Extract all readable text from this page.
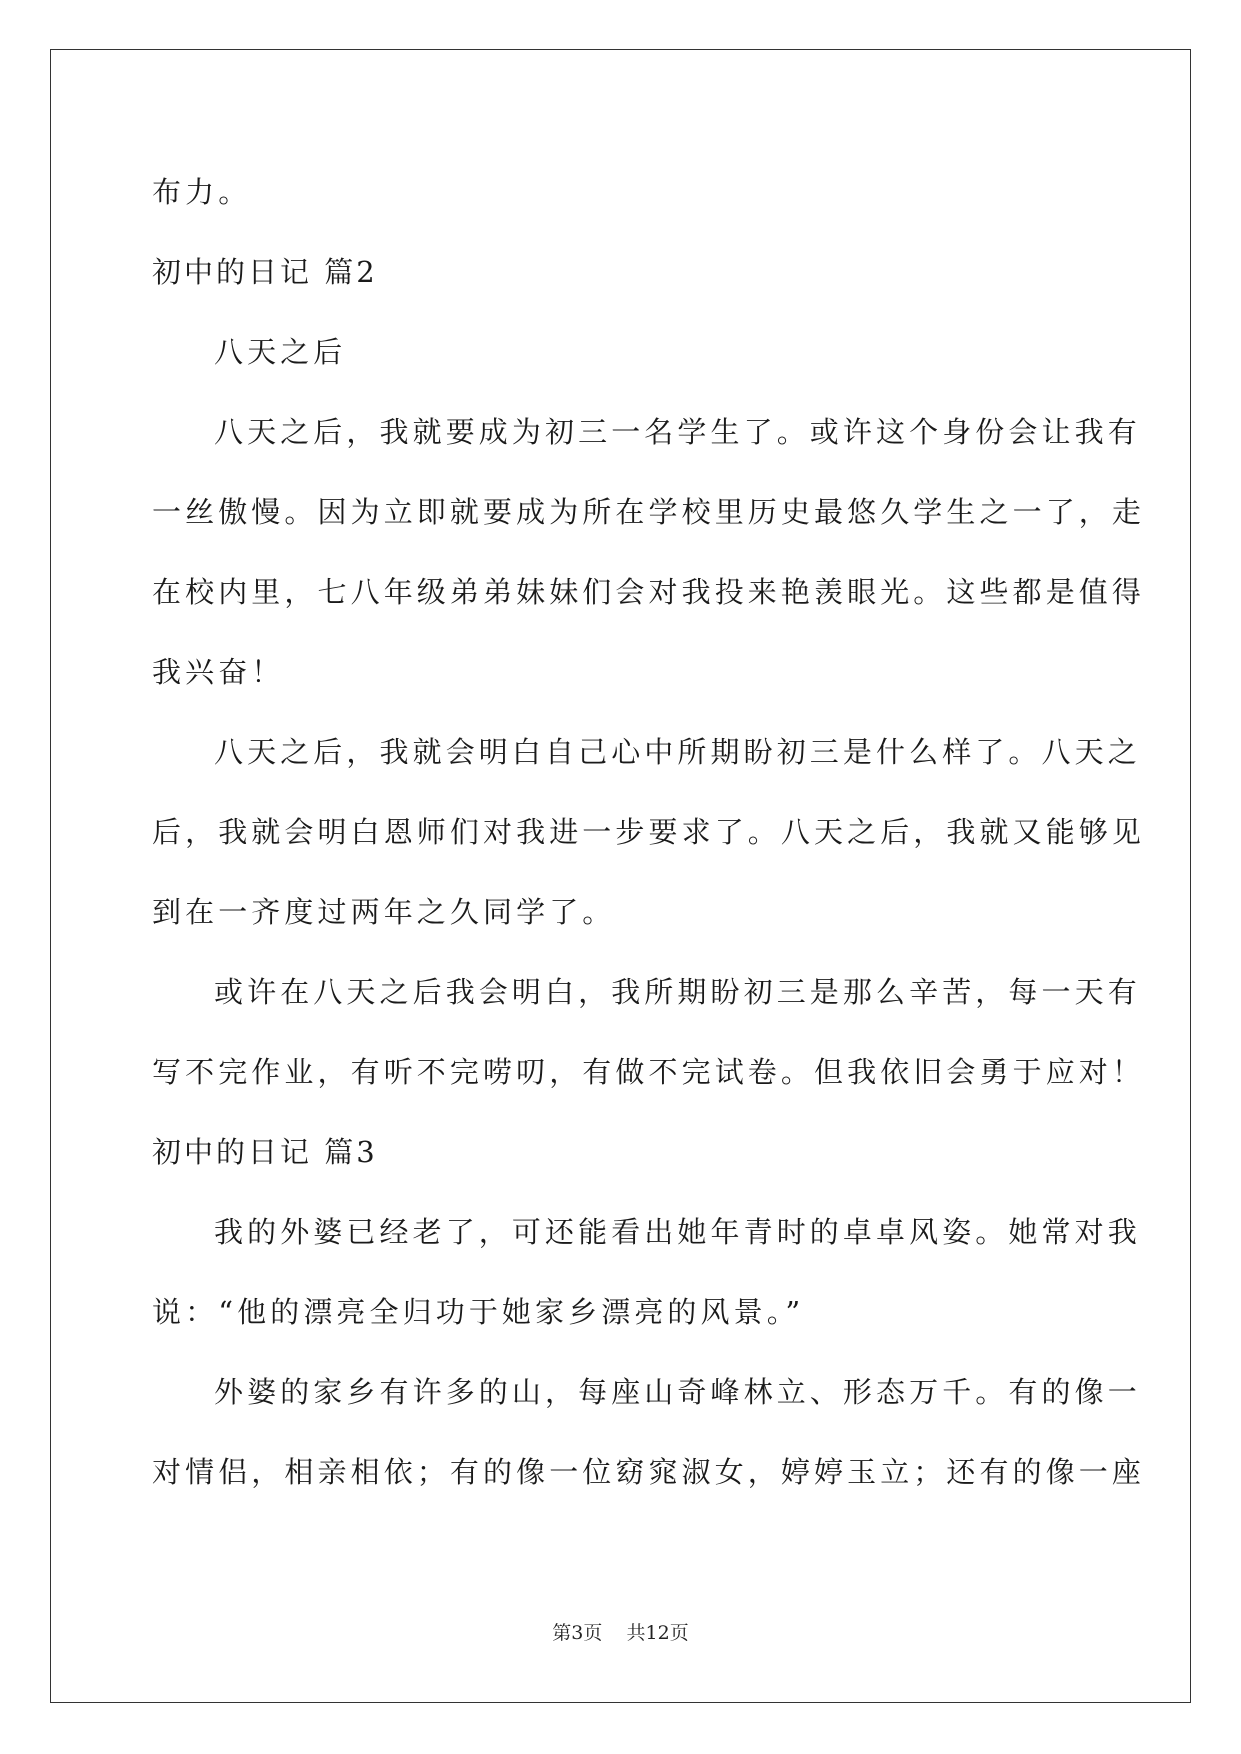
布力。
初中的日记 篇2
八天之后
八天之后，我就要成为初三一名学生了。或许这个身份会让我有
一丝傲慢。因为立即就要成为所在学校里历史最悠久学生之一了，走
在校内里，七八年级弟弟妹妹们会对我投来艳羡眼光。这些都是值得
我兴奋！
八天之后，我就会明白自己心中所期盼初三是什么样了。八天之
后，我就会明白恩师们对我进一步要求了。八天之后，我就又能够见
到在一齐度过两年之久同学了。
或许在八天之后我会明白，我所期盼初三是那么辛苦，每一天有
写不完作业，有听不完唠叨，有做不完试卷。但我依旧会勇于应对！
初中的日记 篇3
我的外婆已经老了，可还能看出她年青时的卓卓风姿。她常对我
说：“他的漂亮全归功于她家乡漂亮的风景。”
外婆的家乡有许多的山，每座山奇峰林立、形态万千。有的像一
对情侣，相亲相依；有的像一位窈窕淑女，婷婷玉立；还有的像一座
第3页 共12页
